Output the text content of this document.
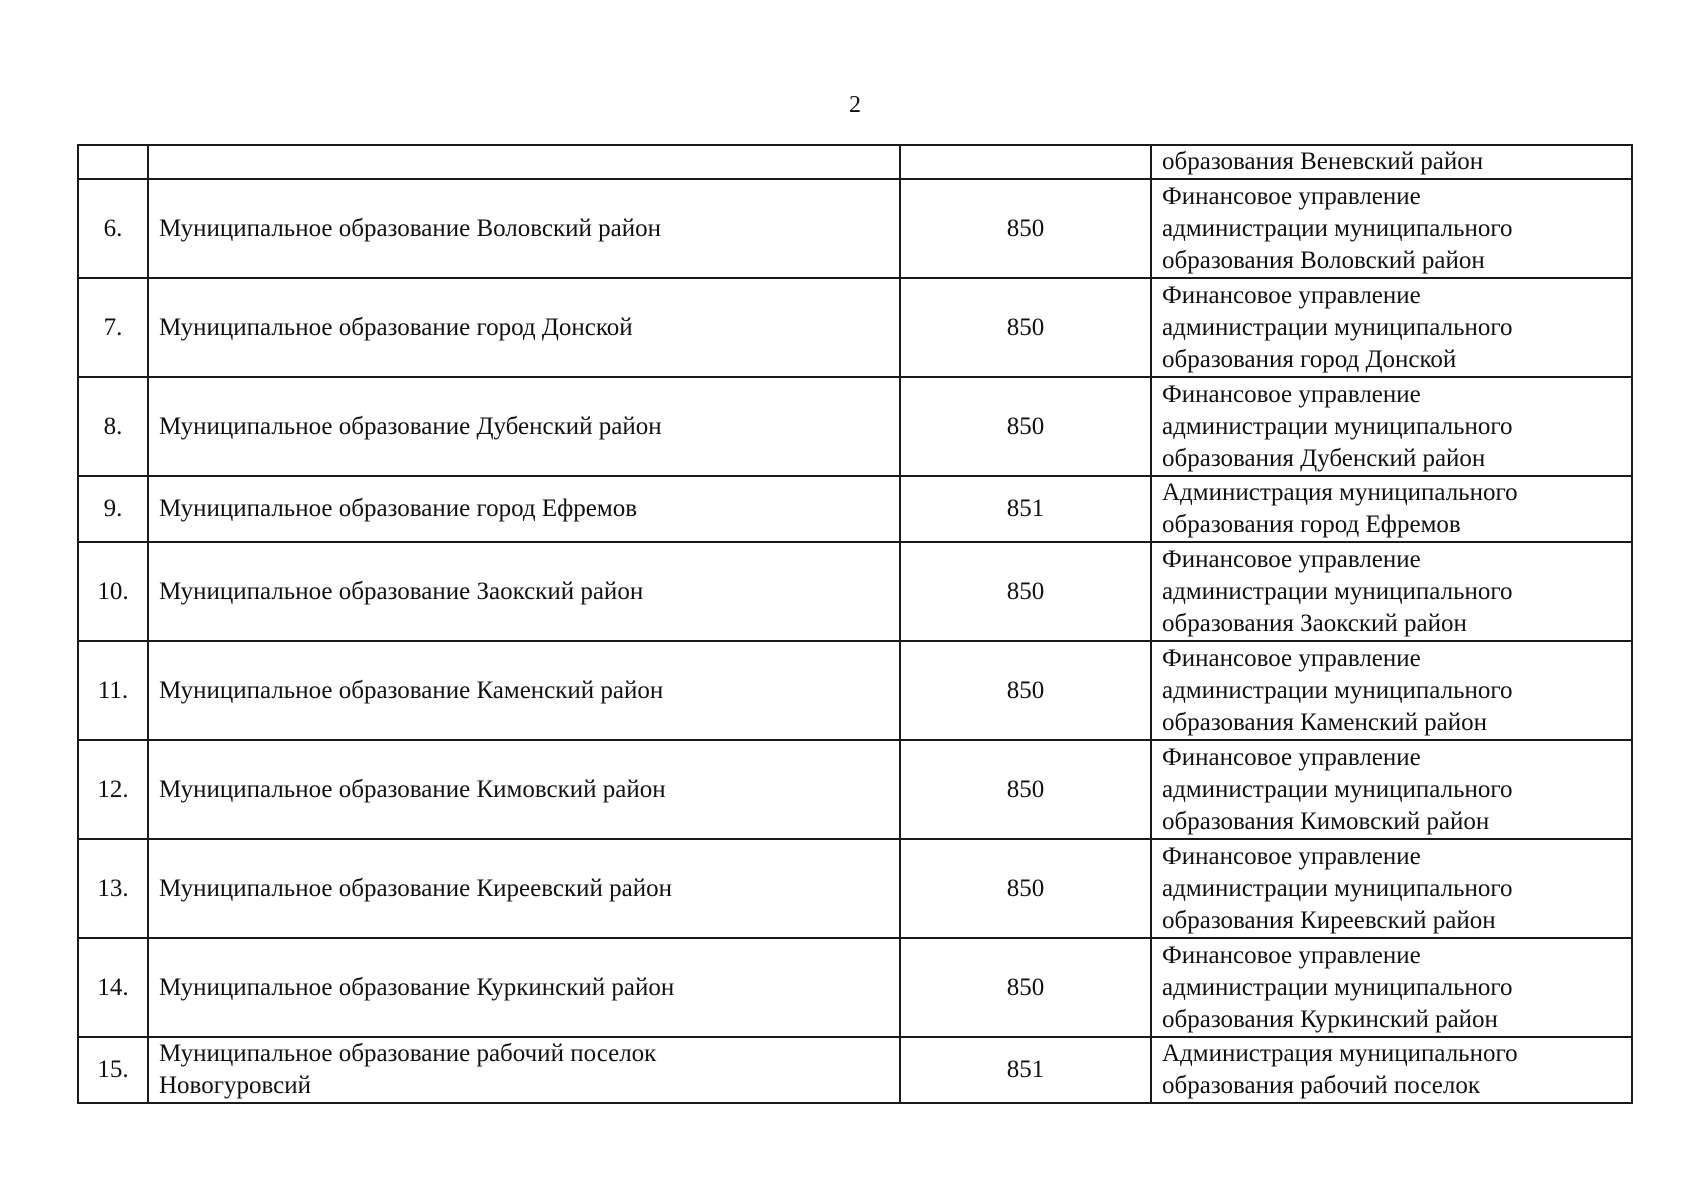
2

			образования Веневский район

6.	Муниципальное образование Воловский район	850	Финансовое управление
администрации муниципального
образования Воловский район

7.	Муниципальное образование город Донской	850	Финансовое управление
администрации муниципального
образования город Донской

8.	Муниципальное образование Дубенский район	850	Финансовое управление
администрации муниципального
образования Дубенский район

9.	Муниципальное образование город Ефремов	851	Администрация муниципального
образования город Ефремов

10.	Муниципальное образование Заокский район	850	Финансовое управление
администрации муниципального
образования Заокский район

11.	Муниципальное образование Каменский район	850	Финансовое управление
администрации муниципального
образования Каменский район

12.	Муниципальное образование Кимовский район	850	Финансовое управление
администрации муниципального
образования Кимовский район

13.	Муниципальное образование Киреевский район	850	Финансовое управление
администрации муниципального
образования Киреевский район

14.	Муниципальное образование Куркинский район	850	Финансовое управление
администрации муниципального
образования Куркинский район

15.	Муниципальное образование рабочий поселок
Новогуровсий	851	Администрация муниципального
образования рабочий поселок
